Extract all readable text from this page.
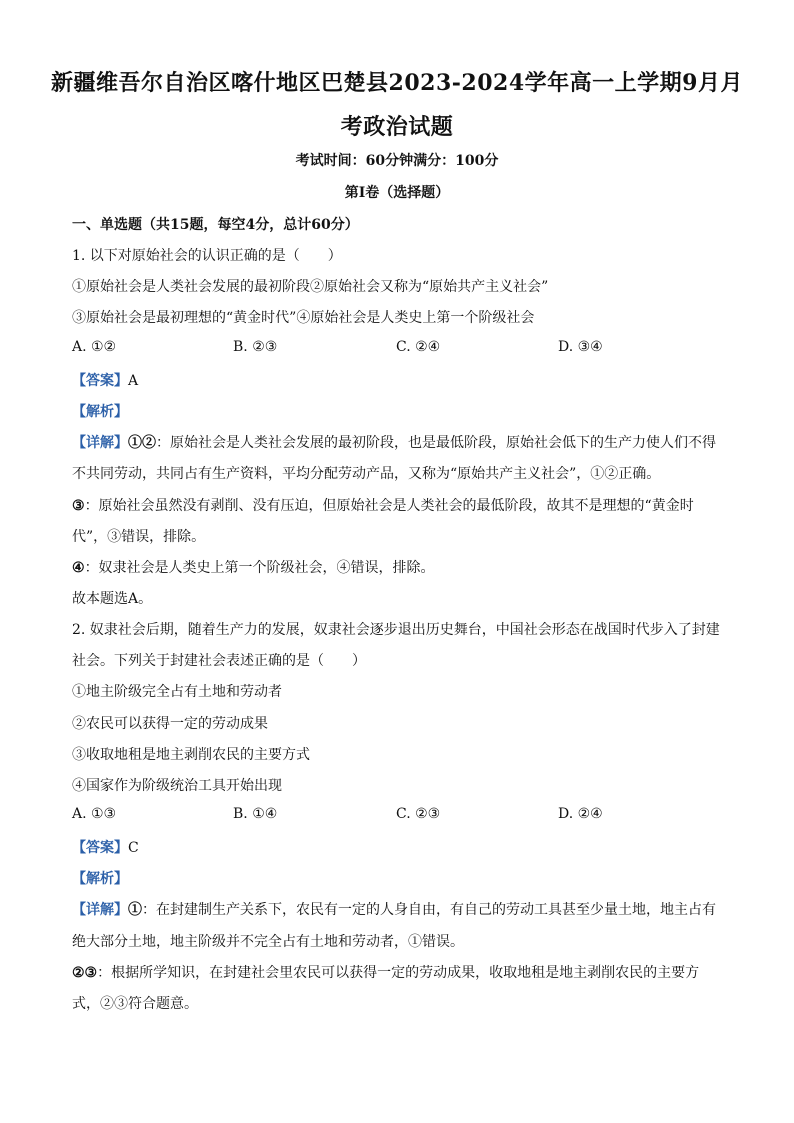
新疆维吾尔自治区喀什地区巴楚县2023-2024学年高一上学期9月月
考政治试题
考试时间：60分钟满分：100分
第Ⅰ卷（选择题）
一、单选题（共15题，每空4分，总计60分）
1. 以下对原始社会的认识正确的是（　　）
①原始社会是人类社会发展的最初阶段②原始社会又称为“原始共产主义社会”
③原始社会是最初理想的“黄金时代”④原始社会是人类史上第一个阶级社会
A. ①②	B. ②③	C. ②④	D. ③④
【答案】A
【解析】
【详解】①②：原始社会是人类社会发展的最初阶段，也是最低阶段，原始社会低下的生产力使人们不得
不共同劳动，共同占有生产资料，平均分配劳动产品，又称为“原始共产主义社会”，①②正确。
③：原始社会虽然没有剥削、没有压迫，但原始社会是人类社会的最低阶段，故其不是理想的“黄金时
代”，③错误，排除。
④：奴隶社会是人类史上第一个阶级社会，④错误，排除。
故本题选A。
2. 奴隶社会后期，随着生产力的发展，奴隶社会逐步退出历史舞台，中国社会形态在战国时代步入了封建
社会。下列关于封建社会表述正确的是（　　）
①地主阶级完全占有土地和劳动者
②农民可以获得一定的劳动成果
③收取地租是地主剥削农民的主要方式
④国家作为阶级统治工具开始出现
A. ①③	B. ①④	C. ②③	D. ②④
【答案】C
【解析】
【详解】①：在封建制生产关系下，农民有一定的人身自由，有自己的劳动工具甚至少量土地，地主占有
绝大部分土地，地主阶级并不完全占有土地和劳动者，①错误。
②③：根据所学知识，在封建社会里农民可以获得一定的劳动成果，收取地租是地主剥削农民的主要方
式，②③符合题意。
